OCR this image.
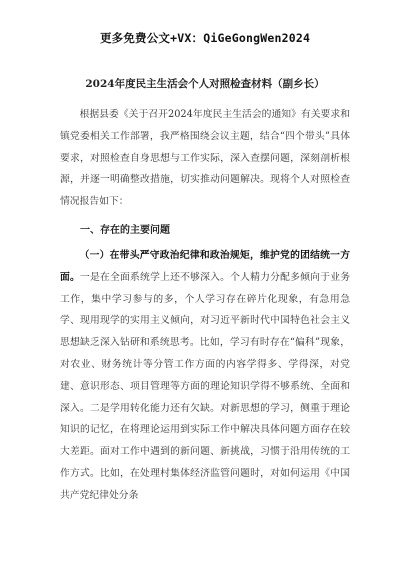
更多免费公文+VX：QiGeGongWen2024
2024年度民主生活会个人对照检查材料（副乡长）

根据县委《关于召开2024年度民主生活会的通知》有关要求和镇党委相关工作部署，我严格围绕会议主题，结合“四个带头”具体要求，对照检查自身思想与工作实际，深入查摆问题，深刻剖析根源，并逐一明确整改措施，切实推动问题解决。现将个人对照检查情况报告如下：

一、存在的主要问题

（一）在带头严守政治纪律和政治规矩，维护党的团结统一方面。一是在全面系统学上还不够深入。个人精力分配多倾向于业务工作，集中学习参与的多，个人学习存在碎片化现象，有急用急学、现用现学的实用主义倾向，对习近平新时代中国特色社会主义思想缺乏深入钻研和系统思考。比如，学习有时存在“偏科”现象，对农业、财务统计等分管工作方面的内容学得多、学得深，对党建、意识形态、项目管理等方面的理论知识学得不够系统、全面和深入。二是学用转化能力还有欠缺。对新思想的学习，侧重于理论知识的记忆，在将理论运用到实际工作中解决具体问题方面存在较大差距。面对工作中遇到的新问题、新挑战，习惯于沿用传统的工作方式。比如，在处理村集体经济监管问题时，对如何运用《中国共产党纪律处分条
